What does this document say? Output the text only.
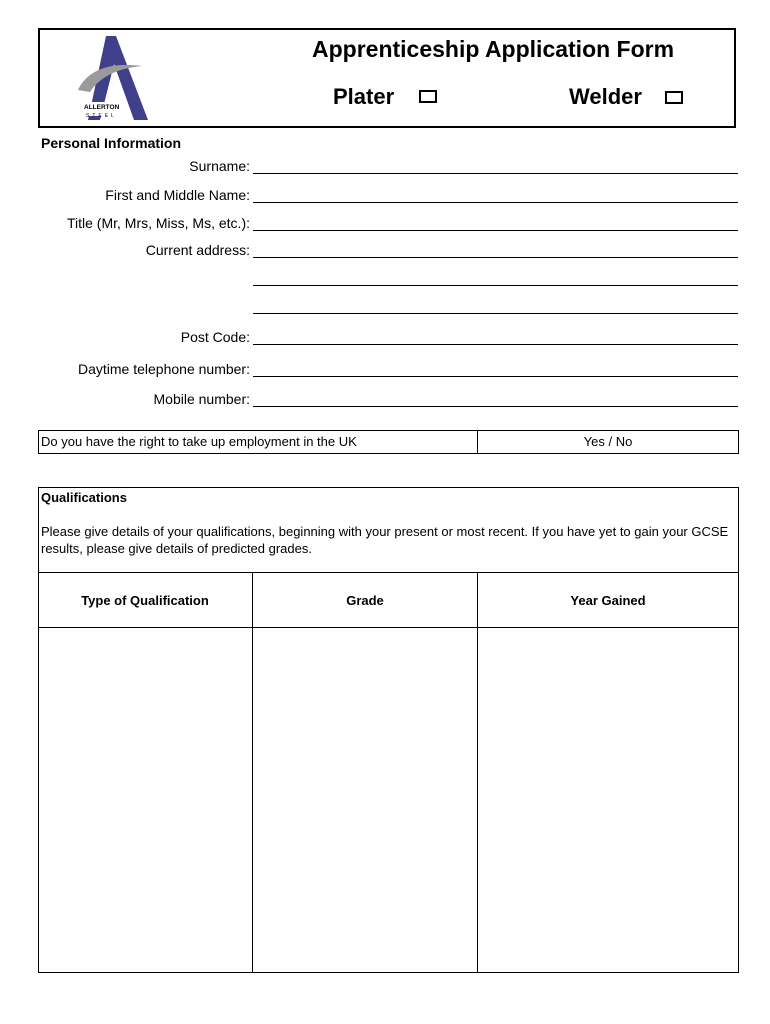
ALLERTON
STEEL
Apprenticeship Application Form
Plater	Welder
Personal Information
Surname:
First and Middle Name:
Title (Mr, Mrs, Miss, Ms, etc.):
Current address:
Post Code:
Daytime telephone number:
Mobile number:
Do you have the right to take up employment in the UK	Yes / No
Qualifications
Please give details of your qualifications, beginning with your present or most recent. If you have yet to gain your GCSE results, please give details of predicted grades.
Type of Qualification	Grade	Year Gained
